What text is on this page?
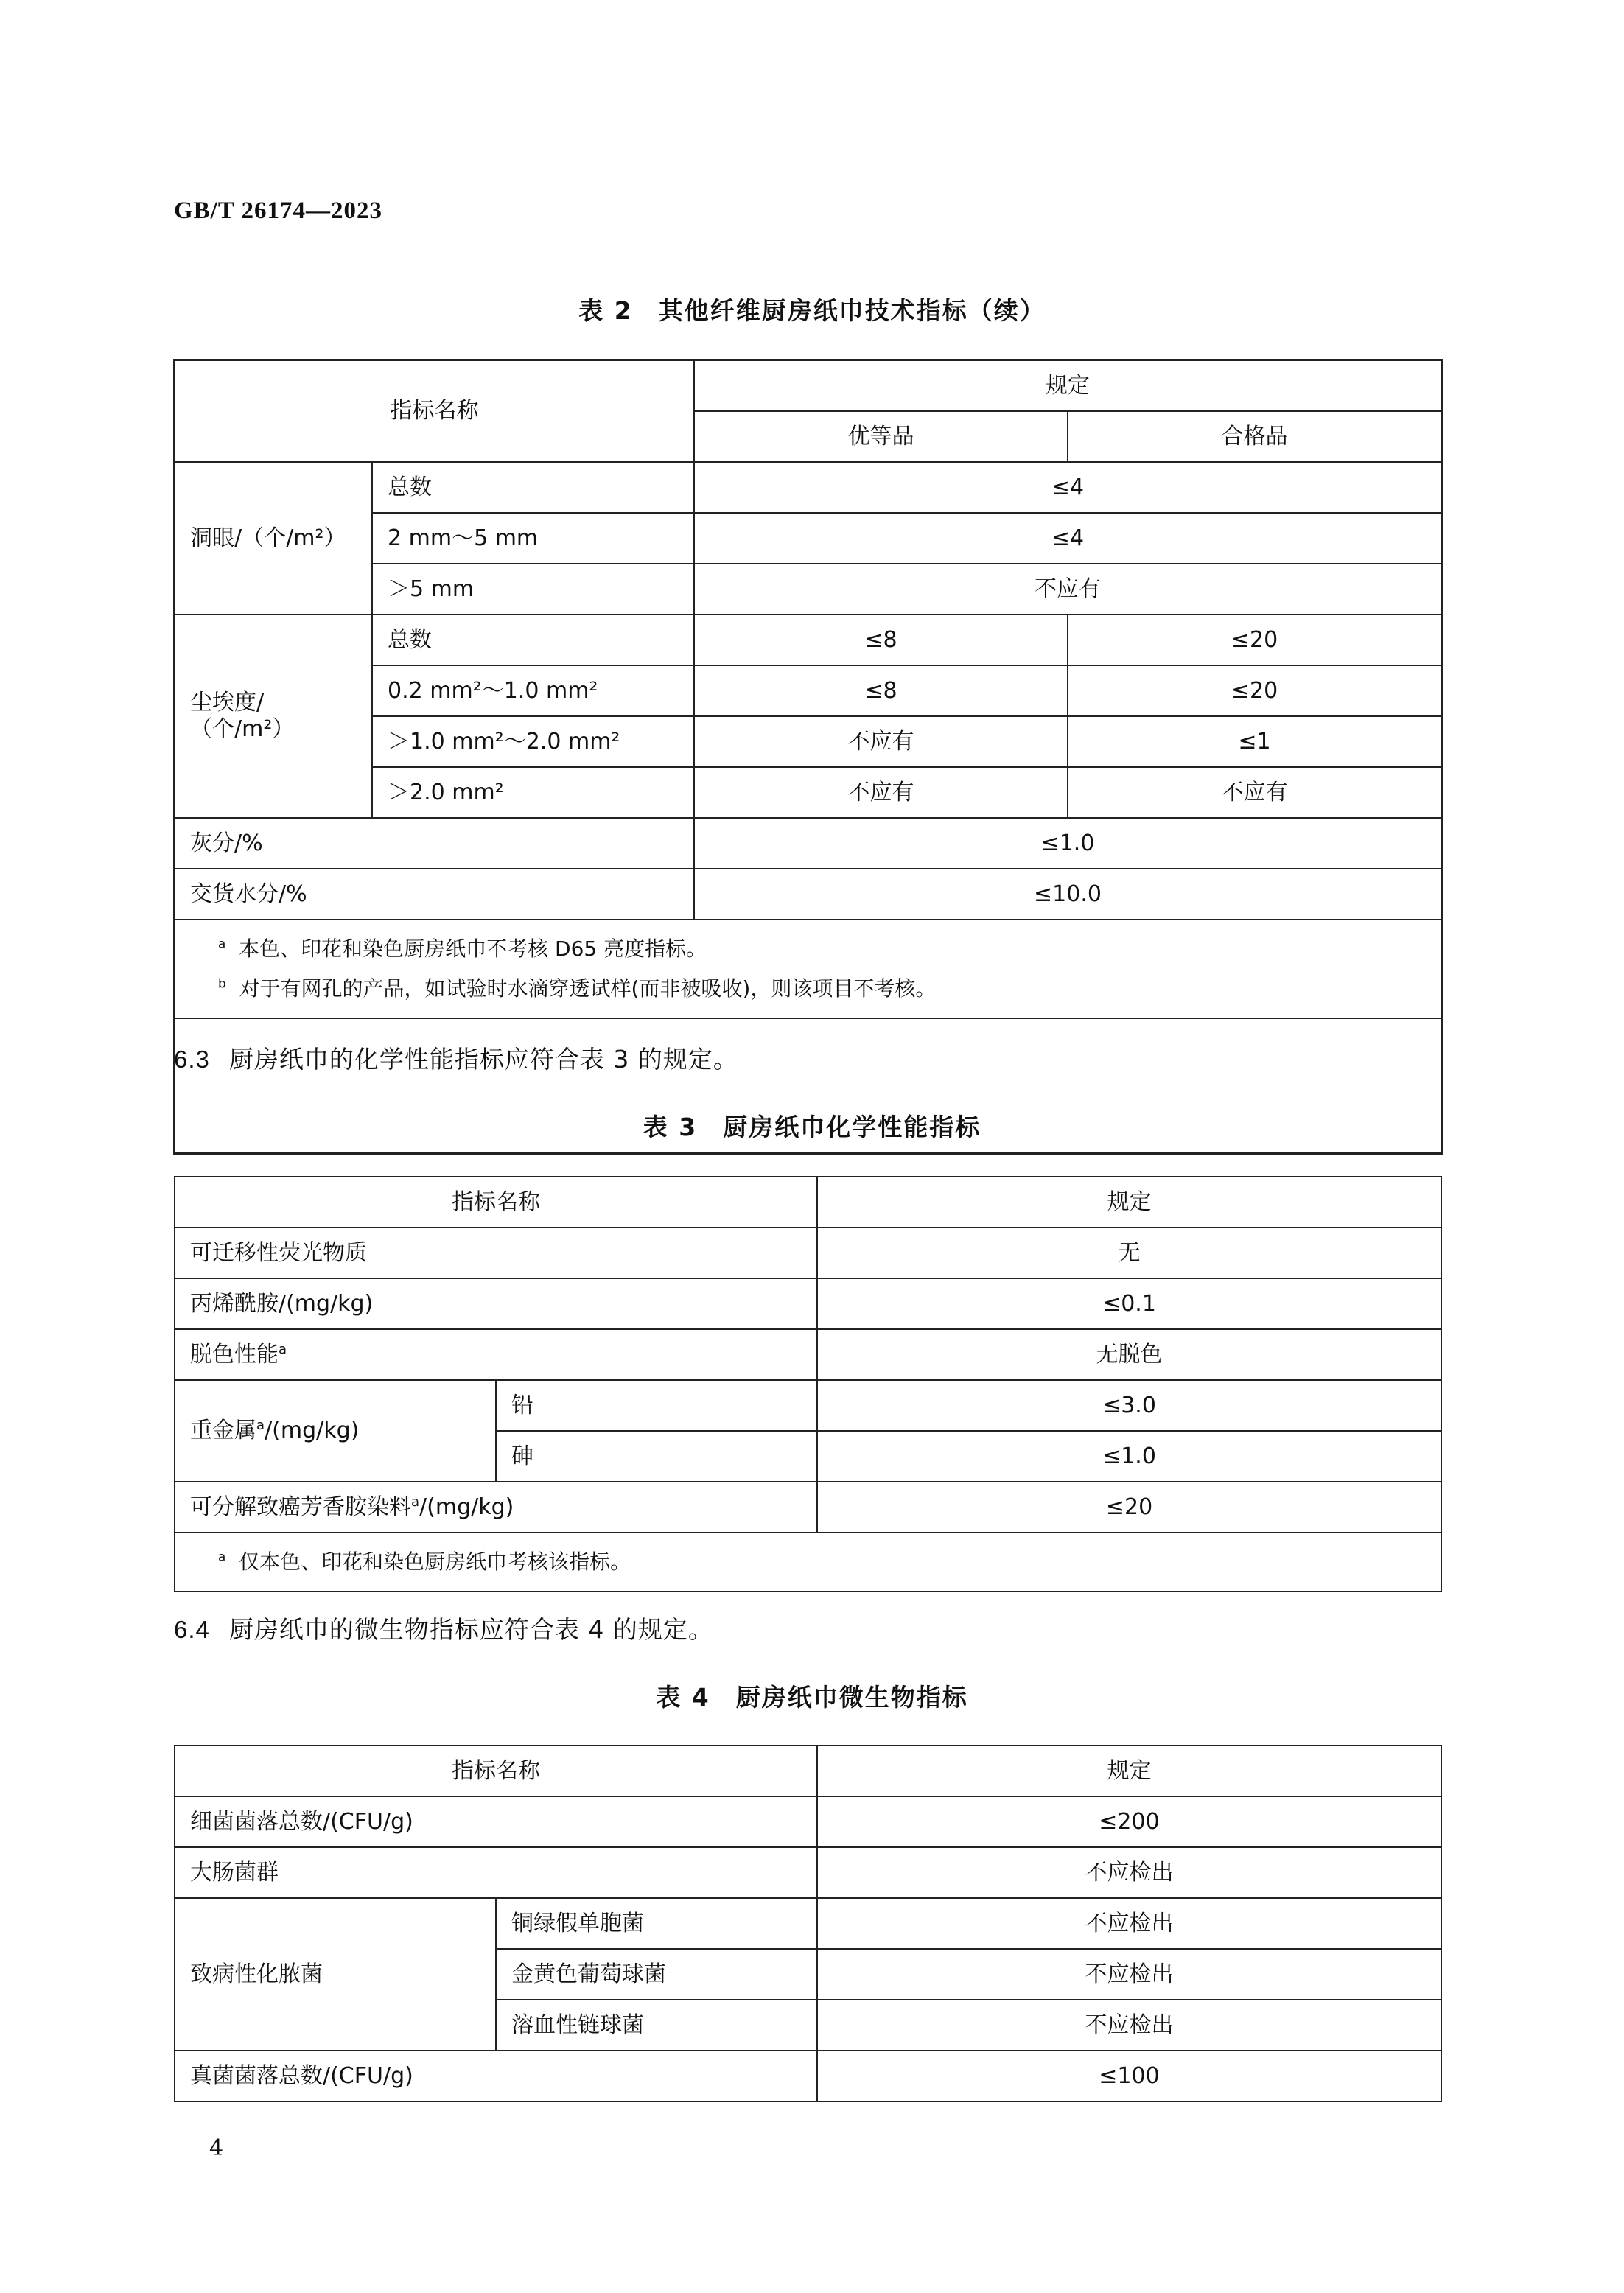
GB/T 26174—2023
表 2　其他纤维厨房纸巾技术指标（续）
指标名称		规定	
		优等品	合格品
洞眼/（个/m²）	总数	≤4	
	2 mm～5 mm	≤4	
	＞5 mm	不应有	
尘埃度/（个/m²）	总数	≤8	≤20
	0.2 mm²～1.0 mm²	≤8	≤20
	＞1.0 mm²～2.0 mm²	不应有	≤1
	＞2.0 mm²	不应有	不应有
灰分/%		≤1.0	
交货水分/%		≤10.0	

$^a$ 本色、印花和染色厨房纸巾不考核 D65 亮度指标。
$^b$ 对于有网孔的产品，如试验时水滴穿透试样(而非被吸收)，则该项目不考核。			
6.3 厨房纸巾的化学性能指标应符合表 3 的规定。
表 3　厨房纸巾化学性能指标
指标名称		规定
可迁移性荧光物质		无
丙烯酰胺/(mg/kg)		≤0.1
脱色性能$^a$		无脱色
重金属$^a$/(mg/kg)	铅	≤3.0
	砷	≤1.0
可分解致癌芳香胺染料$^a$/(mg/kg)		≤20

$^a$ 仅本色、印花和染色厨房纸巾考核该指标。		
6.4 厨房纸巾的微生物指标应符合表 4 的规定。
表 4　厨房纸巾微生物指标
指标名称		规定
细菌菌落总数/(CFU/g)		≤200
大肠菌群		不应检出
致病性化脓菌	铜绿假单胞菌	不应检出
	金黄色葡萄球菌	不应检出
	溶血性链球菌	不应检出
真菌菌落总数/(CFU/g)		≤100
4
